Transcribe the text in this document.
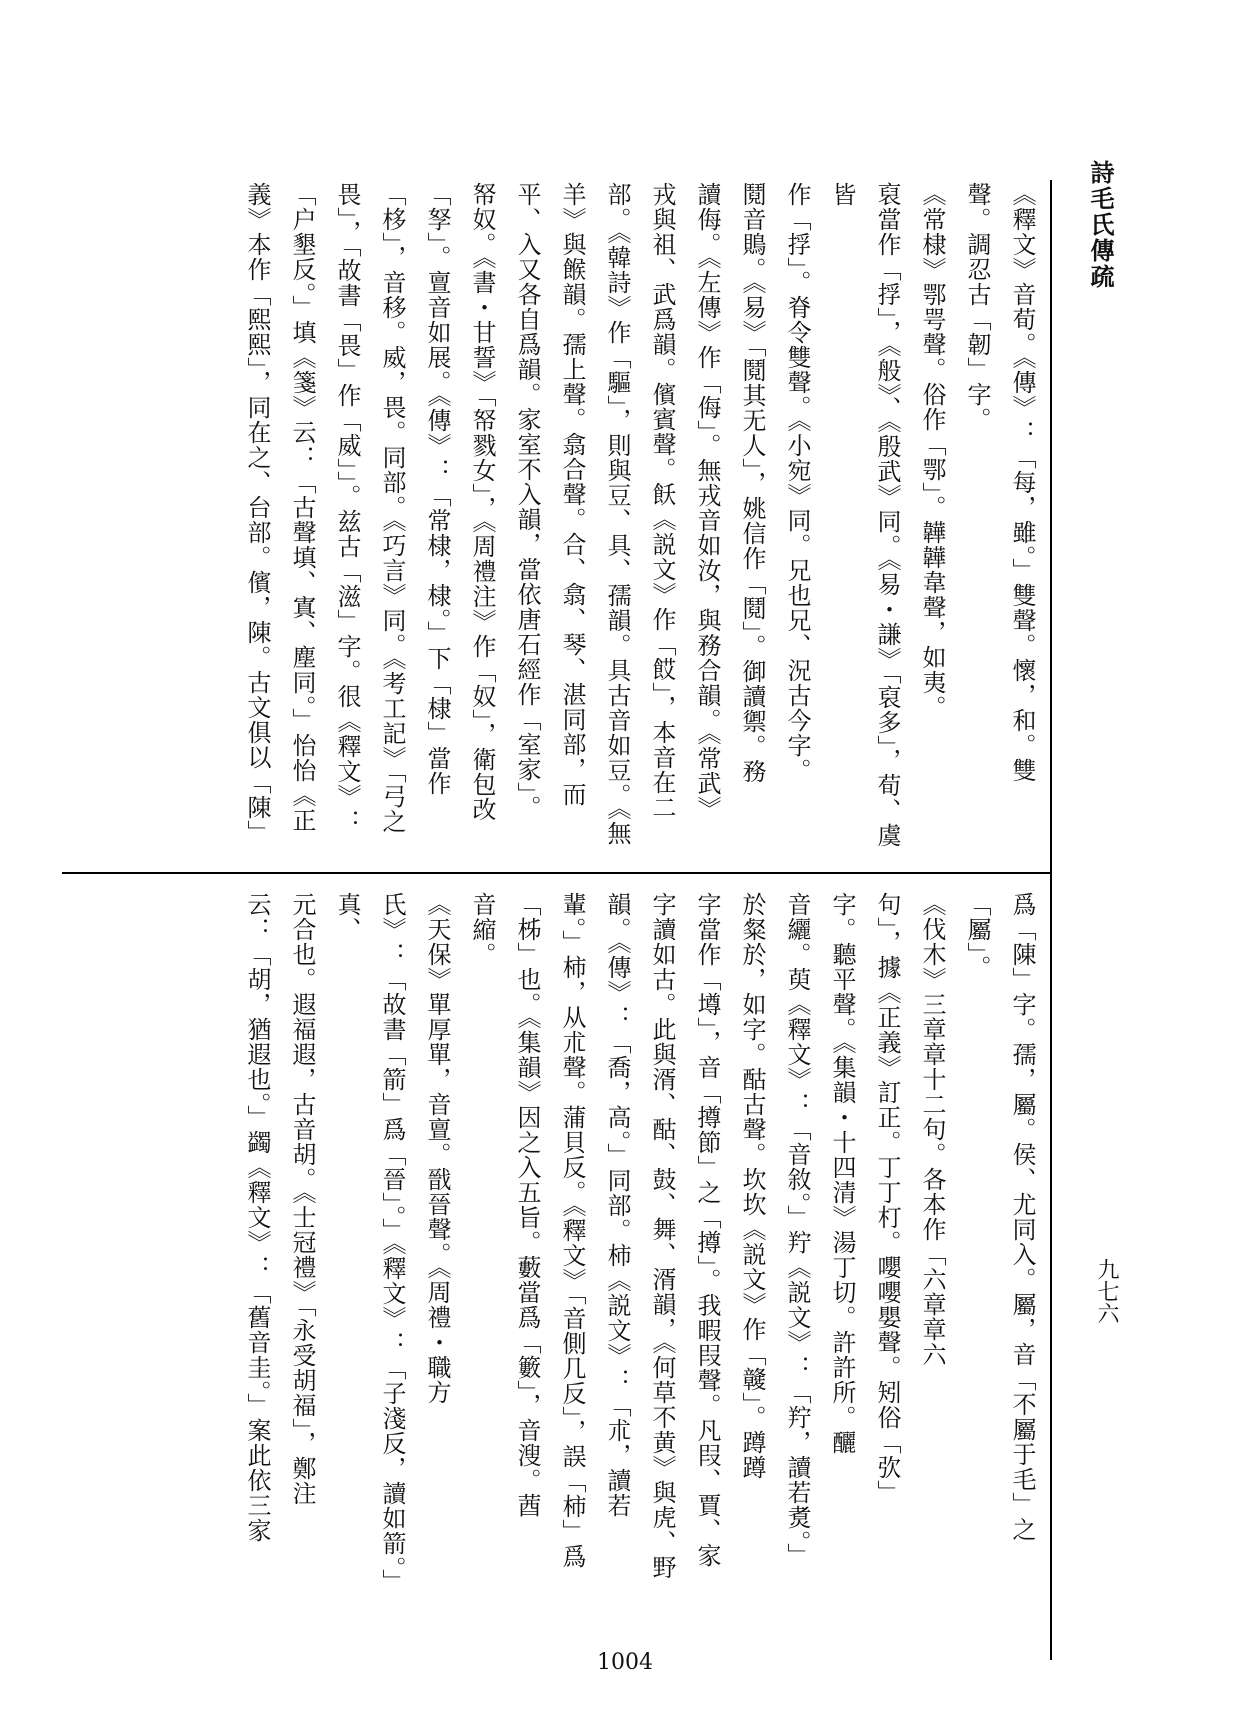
詩毛氏傳疏
九七六
《釋文》音荀。《傳》：「每，雖。」雙聲。懷，和。雙
聲。調忍古「韌」字。
《常棣》鄂咢聲。俗作「鄂」。韡韡韋聲，如夷。
裒當作「捊」，《般》、《殷武》同。《易・謙》「裒多」，荀、虞皆
作「捊」。脊令雙聲。《小宛》同。兄也兄、況古今字。
鬩音鵙。《易》「鬩其无人」，姚信作「鬩」。御讀禦。務
讀侮。《左傳》作「侮」。無戎音如汝，與務合韻。《常武》
戎與祖、武爲韻。儐賓聲。飫《説文》作「餀」，本音在二
部。《韓詩》作「驅」，則與豆、具、孺韻。具古音如豆。《無
羊》與餱韻。孺上聲。翕合聲。合、翕、琴、湛同部，而
平、入又各自爲韻。家室不入韻，當依唐石經作「室家」。
帑奴。《書・甘誓》「帑戮女」，《周禮注》作「奴」，衛包改
「孥」。亶音如展。《傳》：「常棣，棣。」下「棣」當作
「栘」，音移。威，畏。同部。《巧言》同。《考工記》「弓之
畏」，「故書「畏」作「威」」。兹古「滋」字。很《釋文》：
「户墾反。」填《箋》云：「古聲填、寘、塵同。」怡怡《正
義》本作「熙熙」，同在之、台部。儐，陳。古文俱以「陳」
爲「陳」字。孺，屬。侯、尤同入。屬，音「不屬于毛」之
「屬」。
《伐木》三章章十二句。各本作「六章章六
句」，據《正義》訂正。丁丁朾。嚶嚶嬰聲。矧俗「弞」
字。聽平聲。《集韻・十四清》湯丁切。許許所。釃
音纚。萸《釋文》：「音敘。」羜《説文》：「羜，讀若煑。」
於粲於，如字。酤古聲。坎坎《説文》作「竷」。蹲蹲
字當作「壿」，音「撙節」之「撙」。我暇叚聲。凡叚、賈、家
字讀如古。此與湑、酤、鼓、舞、湑韻，《何草不黄》與虎、野
韻。《傳》：「喬，高。」同部。柿《説文》：「朮，讀若
輩。」柿，从朮聲。蒲貝反。《釋文》「音側几反」，誤「柿」爲
「柹」也。《集韻》因之入五旨。藪當爲「籔」，音溲。莤
音縮。
《天保》單厚單，音亶。戩晉聲。《周禮・職方
氏》：「故書「箭」爲「晉」。」《釋文》：「子淺反，讀如箭。」真、
元合也。遐福遐，古音胡。《士冠禮》「永受胡福」，鄭注
云：「胡，猶遐也。」蠲《釋文》：「舊音圭。」案此依三家
1004
